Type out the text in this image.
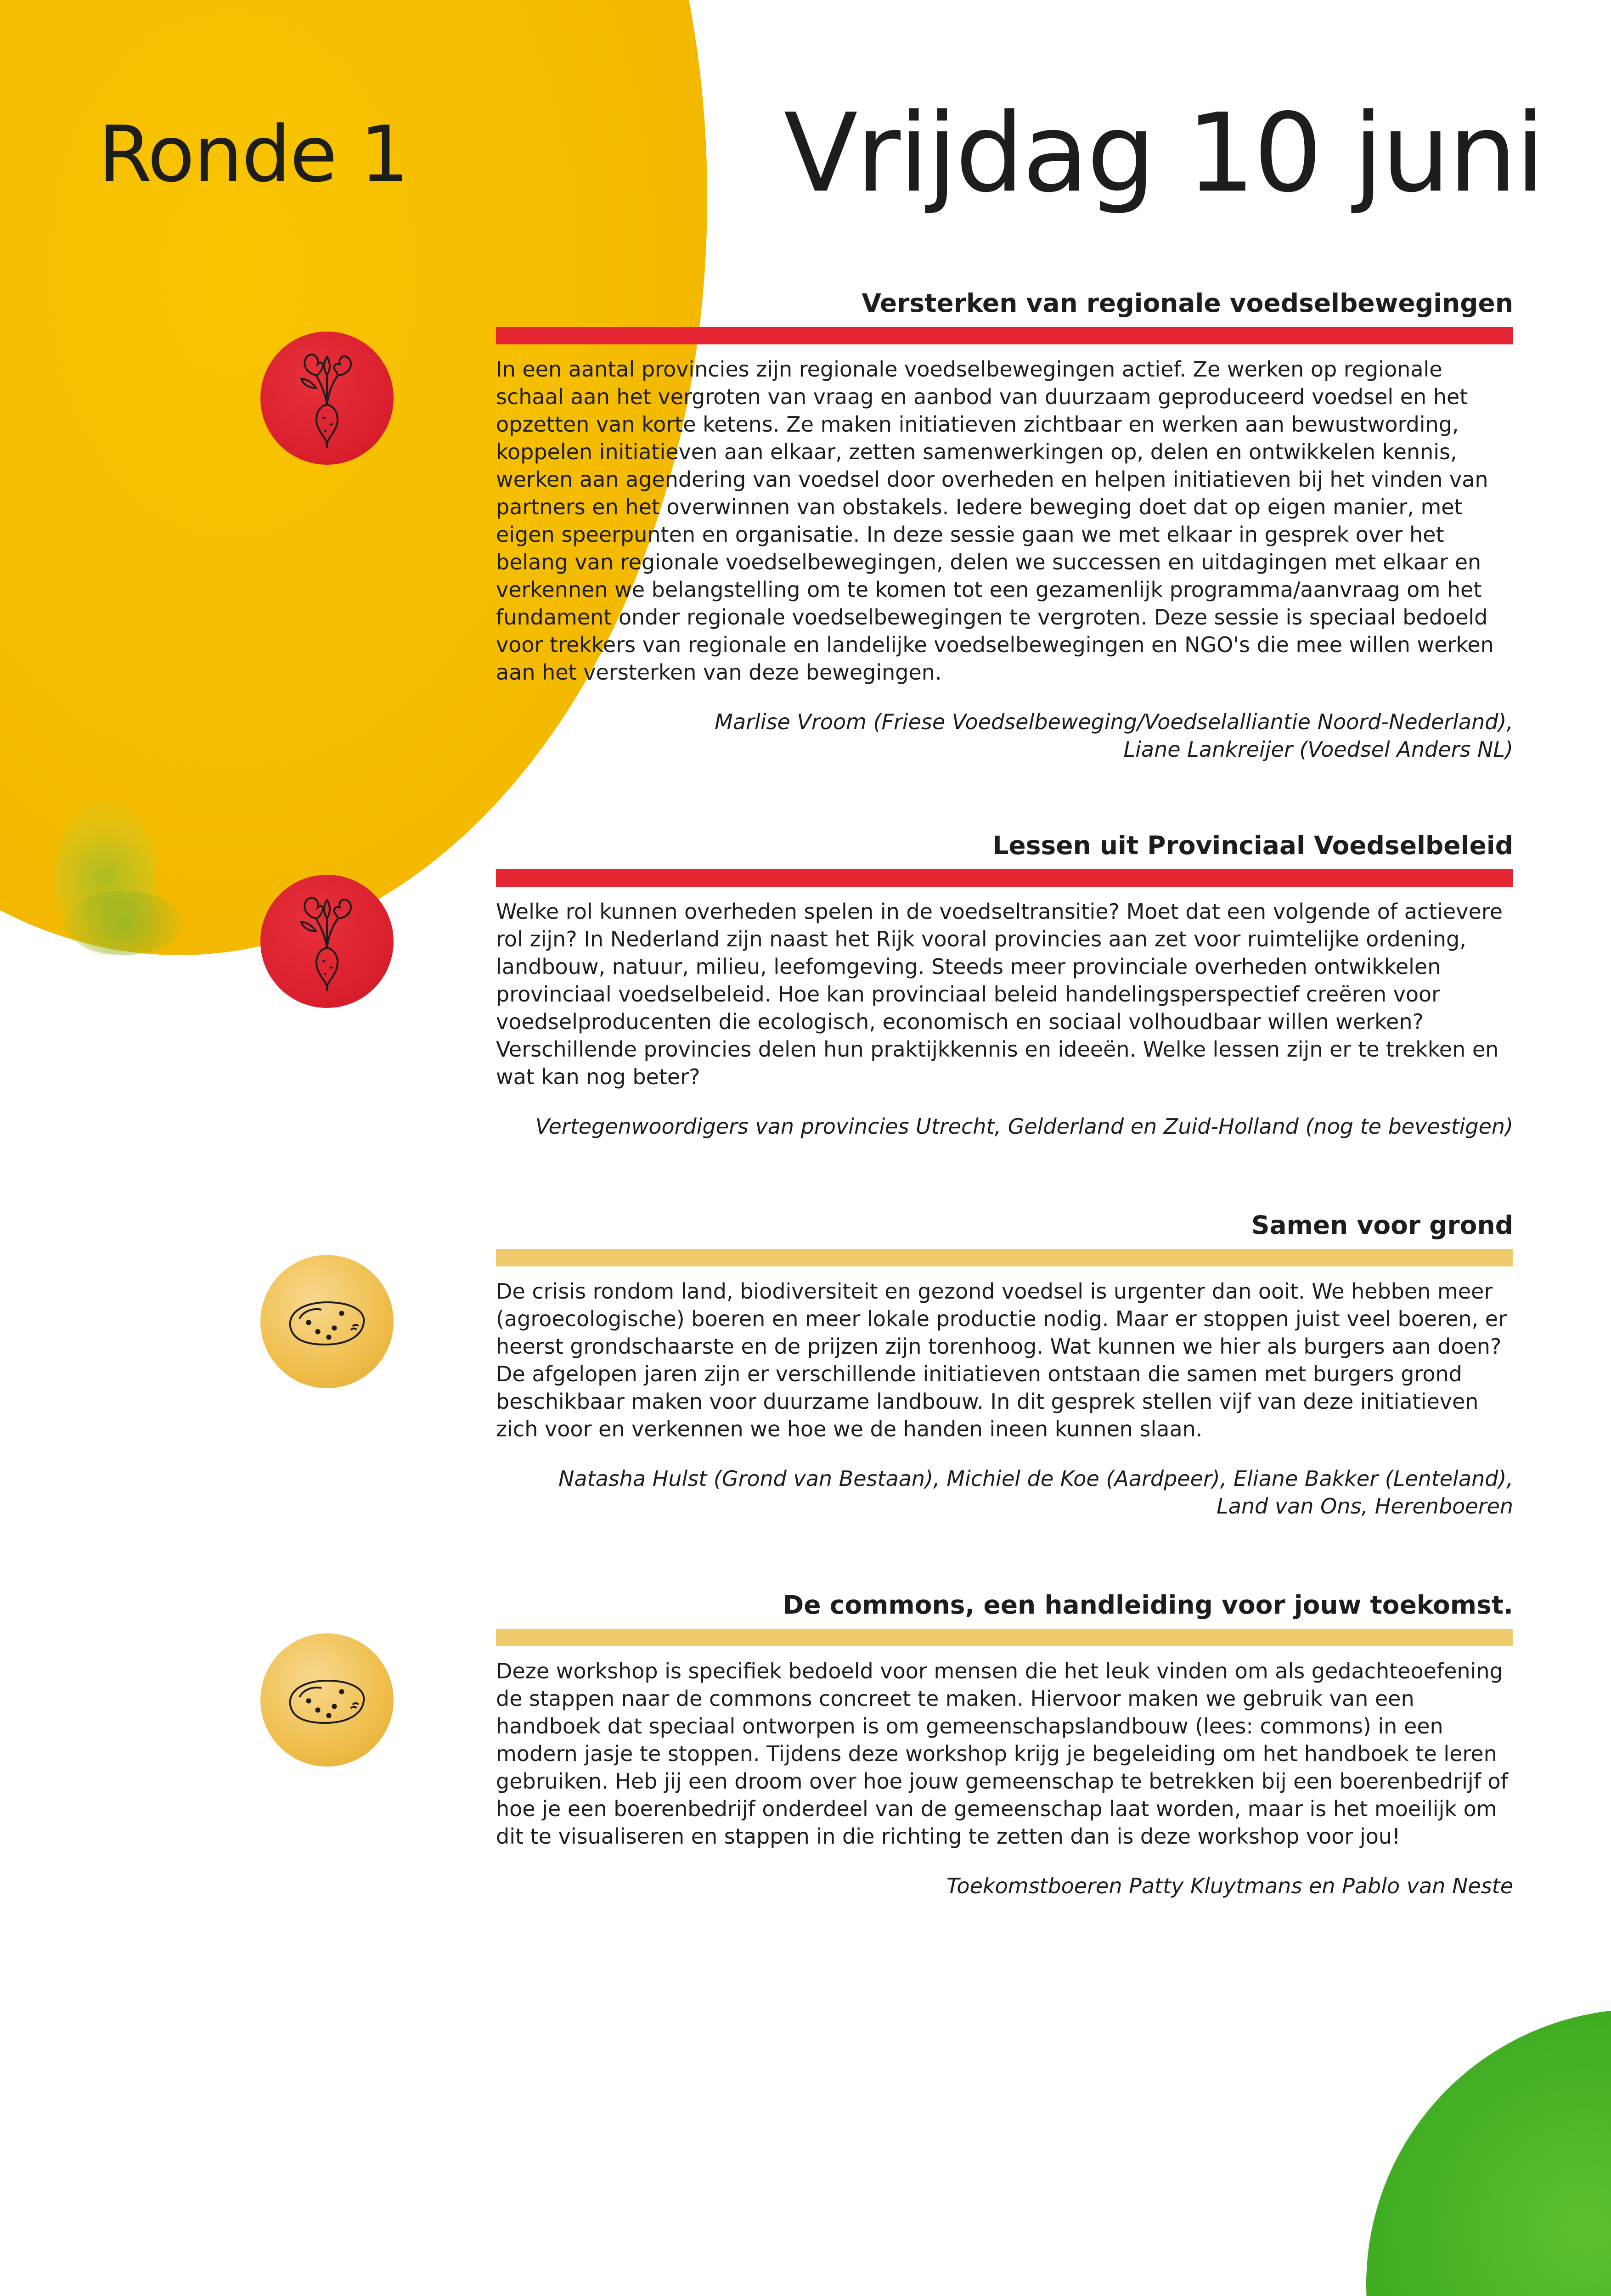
Ronde 1	Vrijdag 10 juni
Versterken van regionale voedselbewegingen

In een aantal provincies zijn regionale voedselbewegingen actief. Ze werken op regionale schaal aan het vergroten van vraag en aanbod van duurzaam geproduceerd voedsel en het opzetten van korte ketens. Ze maken initiatieven zichtbaar en werken aan bewustwording, koppelen initiatieven aan elkaar, zetten samenwerkingen op, delen en ontwikkelen kennis, werken aan agendering van voedsel door overheden en helpen initiatieven bij het vinden van partners en het overwinnen van obstakels. Iedere beweging doet dat op eigen manier, met eigen speerpunten en organisatie. In deze sessie gaan we met elkaar in gesprek over het belang van regionale voedselbewegingen, delen we successen en uitdagingen met elkaar en verkennen we belangstelling om te komen tot een gezamenlijk programma/aanvraag om het fundament onder regionale voedselbewegingen te vergroten. Deze sessie is speciaal bedoeld voor trekkers van regionale en landelijke voedselbewegingen en NGO's die mee willen werken aan het versterken van deze bewegingen.

Marlise Vroom (Friese Voedselbeweging/Voedselalliantie Noord-Nederland),
Liane Lankreijer (Voedsel Anders NL)

Lessen uit Provinciaal Voedselbeleid

Welke rol kunnen overheden spelen in de voedseltransitie? Moet dat een volgende of actievere rol zijn? In Nederland zijn naast het Rijk vooral provincies aan zet voor ruimtelijke ordening, landbouw, natuur, milieu, leefomgeving. Steeds meer provinciale overheden ontwikkelen provinciaal voedselbeleid. Hoe kan provinciaal beleid handelingsperspectief creëren voor voedselproducenten die ecologisch, economisch en sociaal volhoudbaar willen werken? Verschillende provincies delen hun praktijkkennis en ideeën. Welke lessen zijn er te trekken en wat kan nog beter?

Vertegenwoordigers van provincies Utrecht, Gelderland en Zuid-Holland (nog te bevestigen)

Samen voor grond

De crisis rondom land, biodiversiteit en gezond voedsel is urgenter dan ooit. We hebben meer (agroecologische) boeren en meer lokale productie nodig. Maar er stoppen juist veel boeren, er heerst grondschaarste en de prijzen zijn torenhoog. Wat kunnen we hier als burgers aan doen? De afgelopen jaren zijn er verschillende initiatieven ontstaan die samen met burgers grond beschikbaar maken voor duurzame landbouw. In dit gesprek stellen vijf van deze initiatieven zich voor en verkennen we hoe we de handen ineen kunnen slaan.

Natasha Hulst (Grond van Bestaan), Michiel de Koe (Aardpeer), Eliane Bakker (Lenteland),
Land van Ons, Herenboeren

De commons, een handleiding voor jouw toekomst.

Deze workshop is specifiek bedoeld voor mensen die het leuk vinden om als gedachteoefening de stappen naar de commons concreet te maken. Hiervoor maken we gebruik van een handboek dat speciaal ontworpen is om gemeenschapslandbouw (lees: commons) in een modern jasje te stoppen. Tijdens deze workshop krijg je begeleiding om het handboek te leren gebruiken. Heb jij een droom over hoe jouw gemeenschap te betrekken bij een boerenbedrijf of hoe je een boerenbedrijf onderdeel van de gemeenschap laat worden, maar is het moeilijk om dit te visualiseren en stappen in die richting te zetten dan is deze workshop voor jou!

Toekomstboeren Patty Kluytmans en Pablo van Neste
